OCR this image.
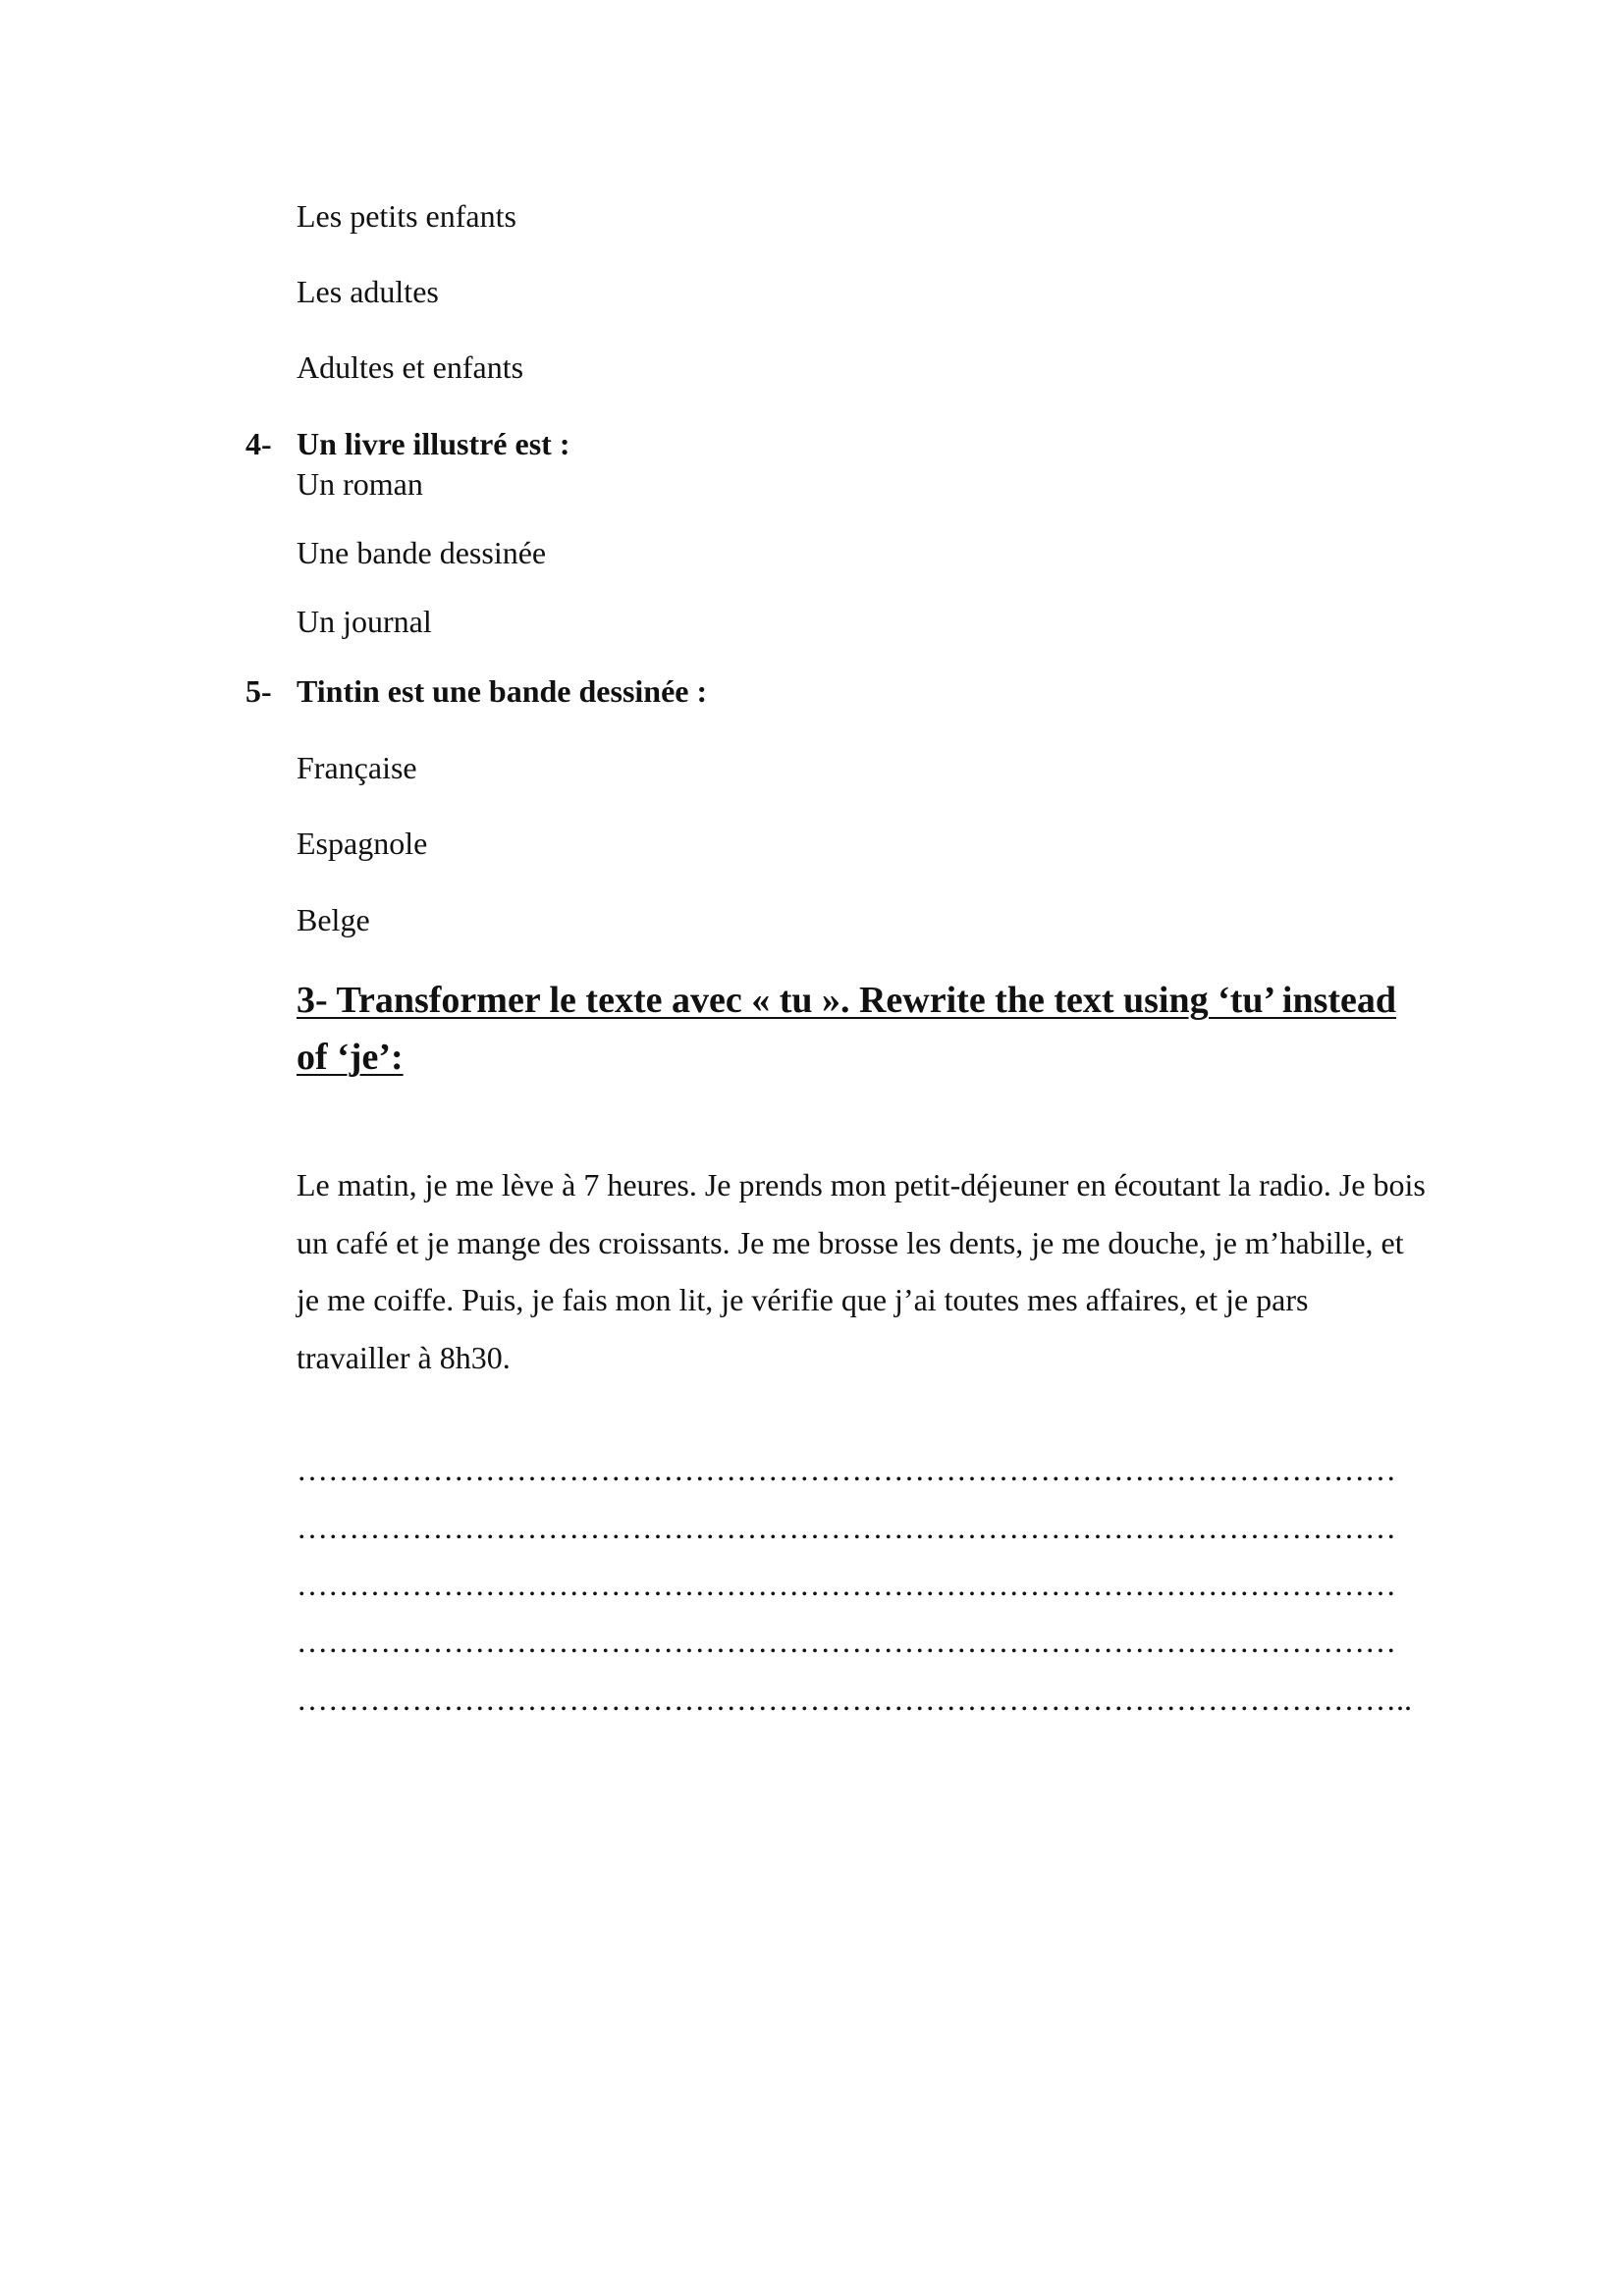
Les petits enfants
Les adultes
Adultes et enfants
4- Un livre illustré est :
Un roman
Une bande dessinée
Un journal
5- Tintin est une bande dessinée :
Française
Espagnole
Belge
3- Transformer le texte avec « tu ». Rewrite the text using ‘tu’ instead of ‘je’:
Le matin, je me lève à 7 heures. Je prends mon petit-déjeuner en écoutant la radio. Je bois un café et je mange des croissants. Je me brosse les dents, je me douche, je m’habille, et je me coiffe. Puis, je fais mon lit, je vérifie que j’ai toutes mes affaires, et je pars travailler à 8h30.
……………………………………………………………………………………………
……………………………………………………………………………………………
……………………………………………………………………………………………
……………………………………………………………………………………………
……………………………………………………………………………………………..
